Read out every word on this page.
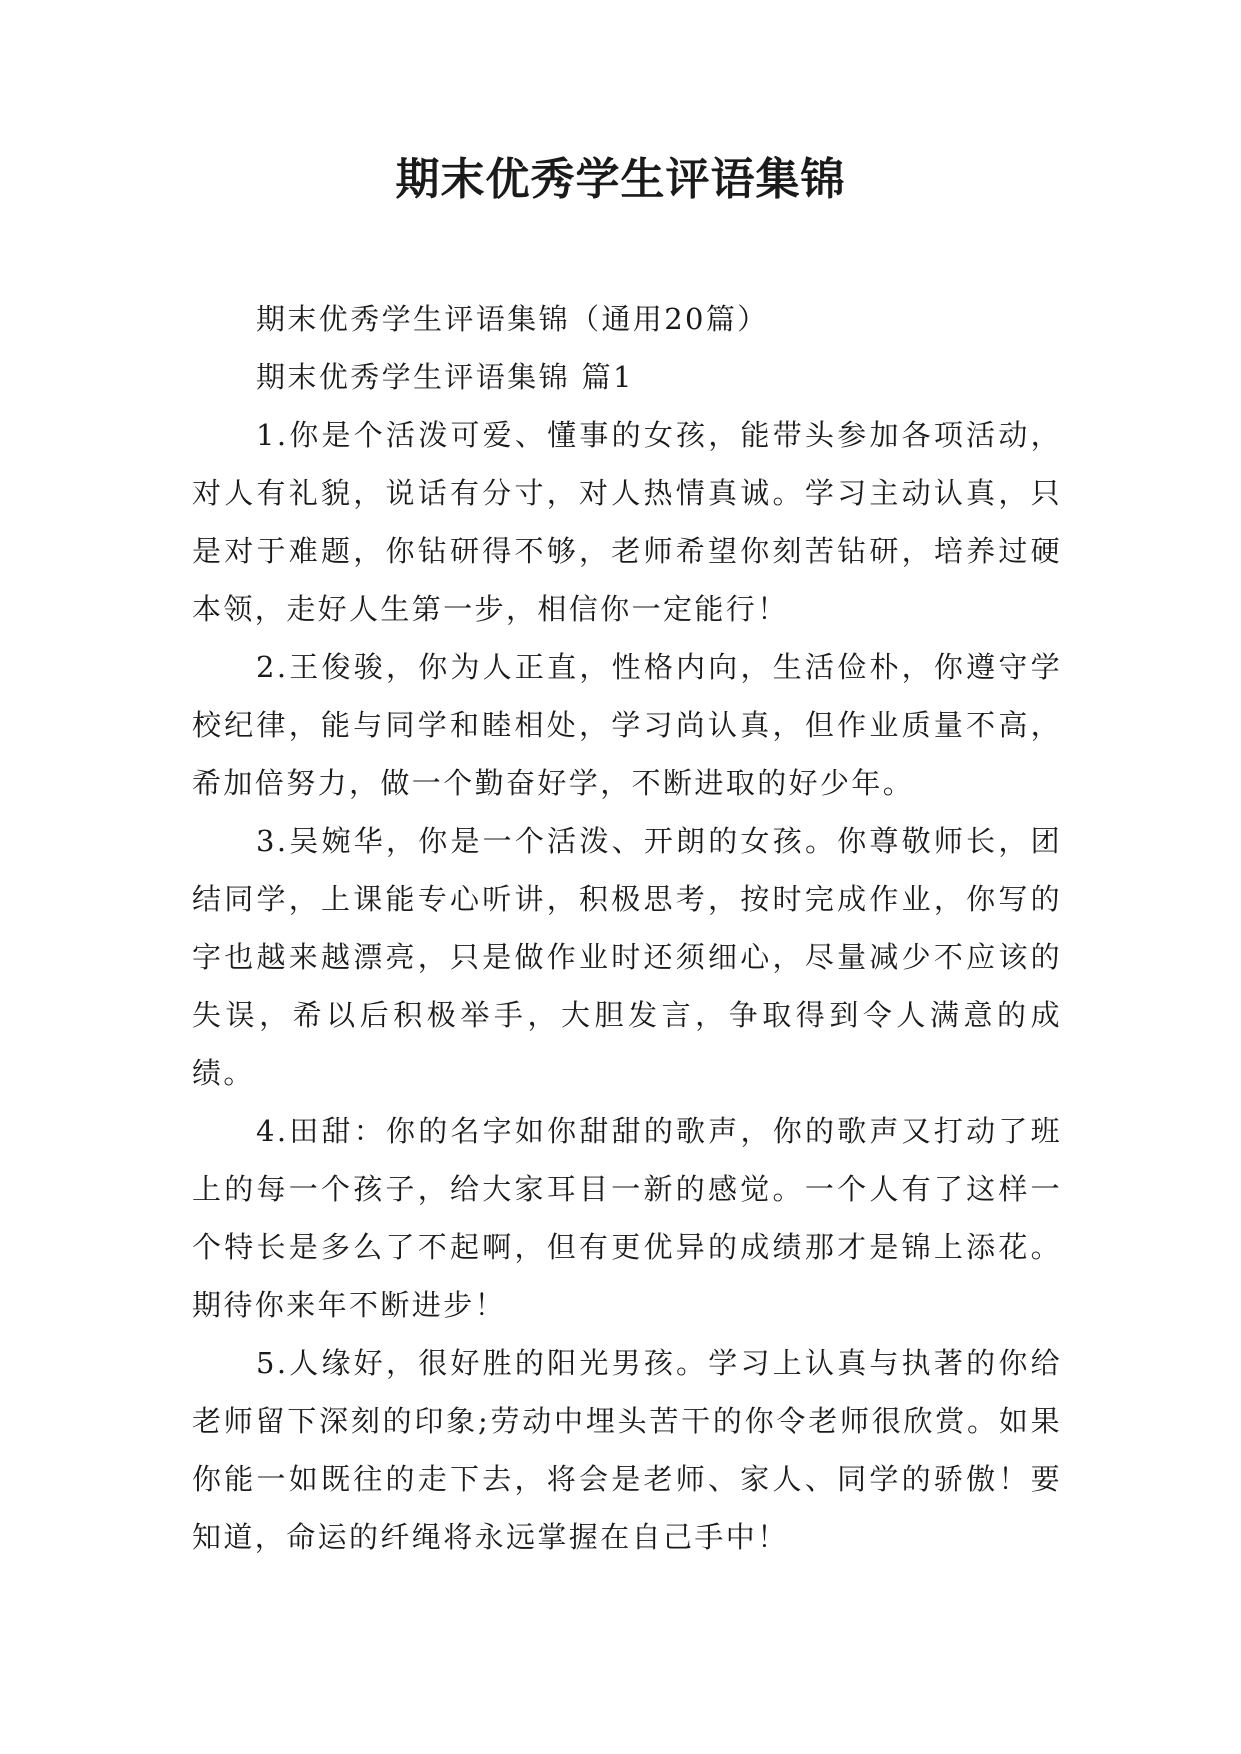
期末优秀学生评语集锦

期末优秀学生评语集锦（通用20篇）

期末优秀学生评语集锦 篇1

1.你是个活泼可爱、懂事的女孩，能带头参加各项活动，对人有礼貌，说话有分寸，对人热情真诚。学习主动认真，只是对于难题，你钻研得不够，老师希望你刻苦钻研，培养过硬本领，走好人生第一步，相信你一定能行！

2.王俊骏，你为人正直，性格内向，生活俭朴，你遵守学校纪律，能与同学和睦相处，学习尚认真，但作业质量不高，希加倍努力，做一个勤奋好学，不断进取的好少年。

3.吴婉华，你是一个活泼、开朗的女孩。你尊敬师长，团结同学，上课能专心听讲，积极思考，按时完成作业，你写的字也越来越漂亮，只是做作业时还须细心，尽量减少不应该的失误，希以后积极举手，大胆发言，争取得到令人满意的成绩。

4.田甜：你的名字如你甜甜的歌声，你的歌声又打动了班上的每一个孩子，给大家耳目一新的感觉。一个人有了这样一个特长是多么了不起啊，但有更优异的成绩那才是锦上添花。期待你来年不断进步！

5.人缘好，很好胜的阳光男孩。学习上认真与执著的你给老师留下深刻的印象;劳动中埋头苦干的你令老师很欣赏。如果你能一如既往的走下去，将会是老师、家人、同学的骄傲！要知道，命运的纤绳将永远掌握在自己手中！
